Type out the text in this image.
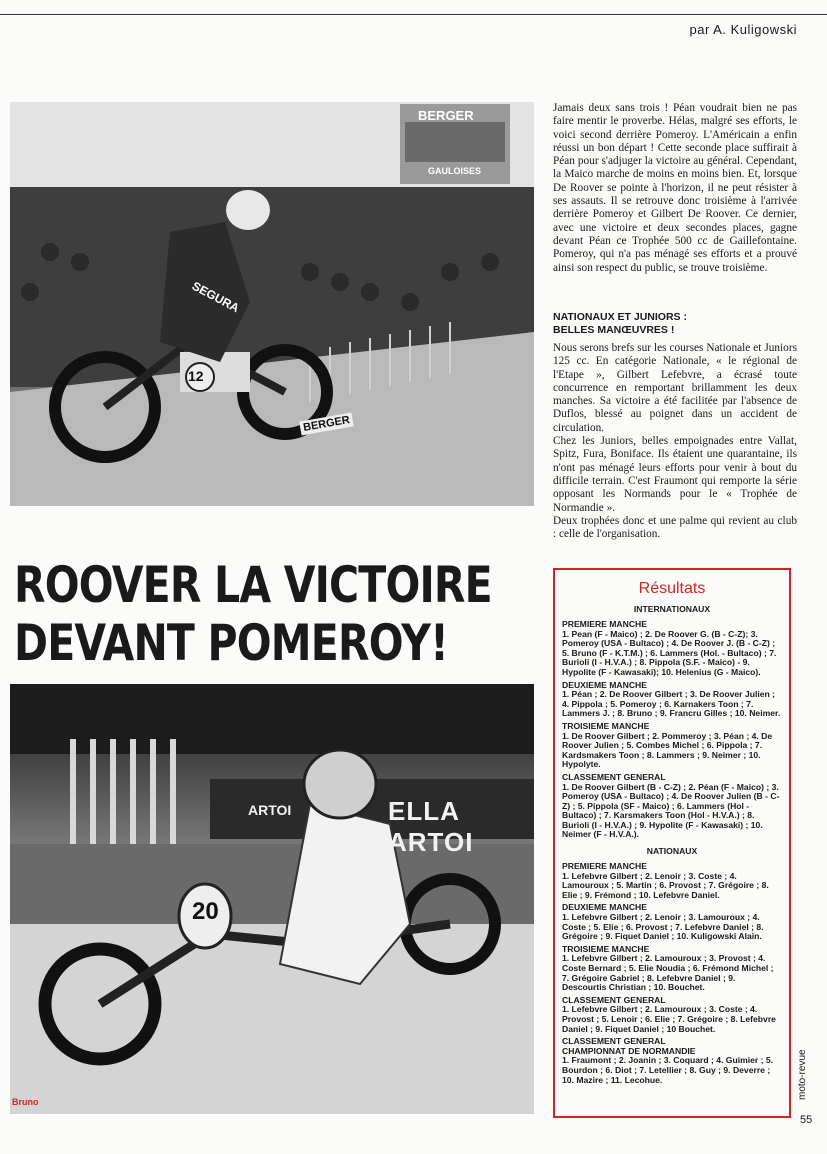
par A. Kuligowski
BERGER
GAULOISES
SEGURA
BERGER
12
ROOVER LA VICTOIRE
DEVANT POMEROY!
ELLA ARTOI
ARTOI
20
Bruno

Jamais deux sans trois ! Péan voudrait bien ne pas faire mentir le proverbe. Hélas, malgré ses efforts, le voici second derrière Pomeroy. L'Américain a enfin réussi un bon départ ! Cette seconde place suffirait à Péan pour s'adjuger la victoire au général. Cependant, la Maico marche de moins en moins bien. Et, lorsque De Roover se pointe à l'horizon, il ne peut résister à ses assauts. Il se retrouve donc troisième à l'arrivée derrière Pomeroy et Gilbert De Roover. Ce dernier, avec une victoire et deux secondes places, gagne devant Péan ce Trophée 500 cc de Gaillefontaine. Pomeroy, qui n'a pas ménagé ses efforts et a prouvé ainsi son respect du public, se trouve troisième.

NATIONAUX ET JUNIORS :
BELLES MANŒUVRES !

Nous serons brefs sur les courses Nationale et Juniors 125 cc. En catégorie Nationale, « le régional de l'Etape », Gilbert Lefebvre, a écrasé toute concurrence en remportant brillamment les deux manches. Sa victoire a été facilitée par l'absence de Duflos, blessé au poignet dans un accident de circulation.

Chez les Juniors, belles empoignades entre Vallat, Spitz, Fura, Boniface. Ils étaient une quarantaine, ils n'ont pas ménagé leurs efforts pour venir à bout du difficile terrain. C'est Fraumont qui remporte la série opposant les Normands pour le « Trophée de Normandie ».

Deux trophées donc et une palme qui revient au club : celle de l'organisation.

Résultats
INTERNATIONAUX
PREMIERE MANCHE
1. Pean (F - Maico) ; 2. De Roover G. (B - C-Z); 3. Pomeroy (USA - Bultaco) ; 4. De Roover J. (B - C-Z) ; 5. Bruno (F - K.T.M.) ; 6. Lammers (Hol. - Bultaco) ; 7. Burioli (I - H.V.A.) ; 8. Pippola (S.F. - Maico) - 9. Hypolite (F - Kawasaki); 10. Helenius (G - Maico).
DEUXIEME MANCHE
1. Péan ; 2. De Roover Gilbert ; 3. De Roover Julien ; 4. Pippola ; 5. Pomeroy ; 6. Karnakers Toon ; 7. Lammers J. ; 8. Bruno ; 9. Francru Gilles ; 10. Neimer.
TROISIEME MANCHE
1. De Roover Gilbert ; 2. Pommeroy ; 3. Péan ; 4. De Roover Julien ; 5. Combes Michel ; 6. Pippola ; 7. Kardsmakers Toon ; 8. Lammers ; 9. Neimer ; 10. Hypolyte.
CLASSEMENT GENERAL
1. De Roover Gilbert (B - C-Z) ; 2. Péan (F - Maico) ; 3. Pomeroy (USA - Bultaco) ; 4. De Roover Julien (B - C-Z) ; 5. Pippola (SF - Maico) ; 6. Lammers (Hol - Bultaco) ; 7. Karsmakers Toon (Hol - H.V.A.) ; 8. Burioli (I - H.V.A.) ; 9. Hypolite (F - Kawasaki) ; 10. Neimer (F - H.V.A.).
NATIONAUX
PREMIERE MANCHE
1. Lefebvre Gilbert ; 2. Lenoir ; 3. Coste ; 4. Lamouroux ; 5. Martin ; 6. Provost ; 7. Grégoire ; 8. Elie ; 9. Frémond ; 10. Lefebvre Daniel.
DEUXIEME MANCHE
1. Lefebvre Gilbert ; 2. Lenoir ; 3. Lamouroux ; 4. Coste ; 5. Elie ; 6. Provost ; 7. Lefebvre Daniel ; 8. Grégoire ; 9. Fiquet Daniel ; 10. Kuligowski Alain.
TROISIEME MANCHE
1. Lefebvre Gilbert ; 2. Lamouroux ; 3. Provost ; 4. Coste Bernard ; 5. Elie Noudia ; 6. Frémond Michel ; 7. Grégoire Gabriel ; 8. Lefebvre Daniel ; 9. Descourtis Christian ; 10. Bouchet.
CLASSEMENT GENERAL
1. Lefebvre Gilbert ; 2. Lamouroux ; 3. Coste ; 4. Provost ; 5. Lenoir ; 6. Elie ; 7. Grégoire ; 8. Lefebvre Daniel ; 9. Fiquet Daniel ; 10 Bouchet.
CLASSEMENT GENERAL
CHAMPIONNAT DE NORMANDIE
1. Fraumont ; 2. Joanin ; 3. Coquard ; 4. Guimier ; 5. Bourdon ; 6. Diot ; 7. Letellier ; 8. Guy ; 9. Deverre ; 10. Mazire ; 11. Lecohue.	moto-revue
55
